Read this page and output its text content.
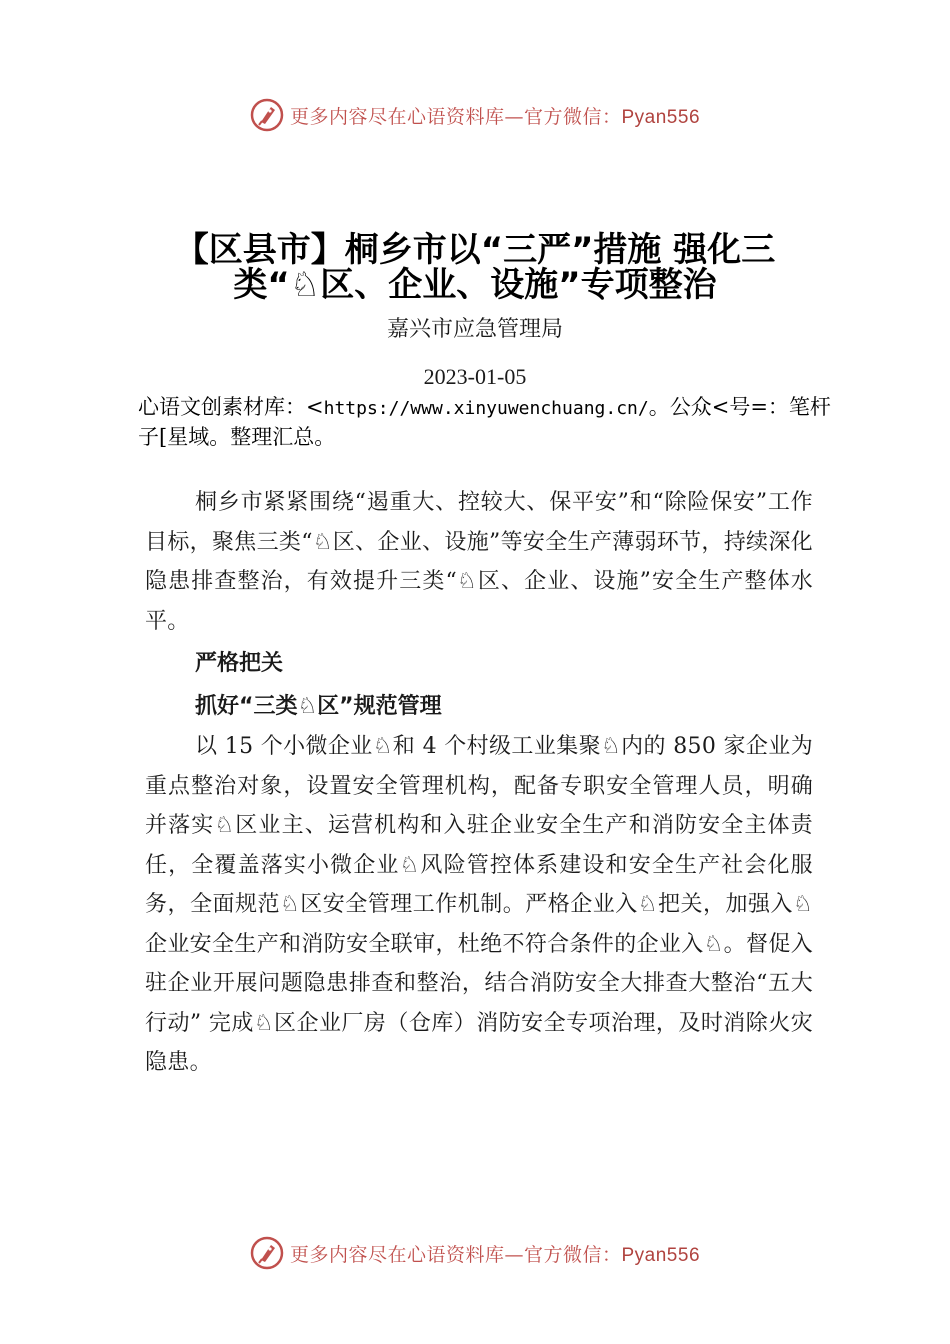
更多内容尽在心语资料库—官方微信：Pyan556
【区县市】桐乡市以“三严”措施 强化三类“♘区、企业、设施”专项整治
嘉兴市应急管理局
2023-01-05
心语文创素材库：<https://www.xinyuwenchuang.cn/。公众<号=：笔杆子[星域。整理汇总。

桐乡市紧紧围绕“遏重大、控较大、保平安”和“除险保安”工作目标，聚焦三类“♘区、企业、设施”等安全生产薄弱环节，持续深化隐患排查整治，有效提升三类“♘区、企业、设施”安全生产整体水平。

严格把关

抓好“三类♘区”规范管理

以 15 个小微企业♘和 4 个村级工业集聚♘内的 850 家企业为重点整治对象，设置安全管理机构，配备专职安全管理人员，明确并落实♘区业主、运营机构和入驻企业安全生产和消防安全主体责任，全覆盖落实小微企业♘风险管控体系建设和安全生产社会化服务，全面规范♘区安全管理工作机制。严格企业入♘把关，加强入♘企业安全生产和消防安全联审，杜绝不符合条件的企业入♘。督促入驻企业开展问题隐患排查和整治，结合消防安全大排查大整治“五大行动” 完成♘区企业厂房（仓库）消防安全专项治理，及时消除火灾隐患。

更多内容尽在心语资料库—官方微信：Pyan556
